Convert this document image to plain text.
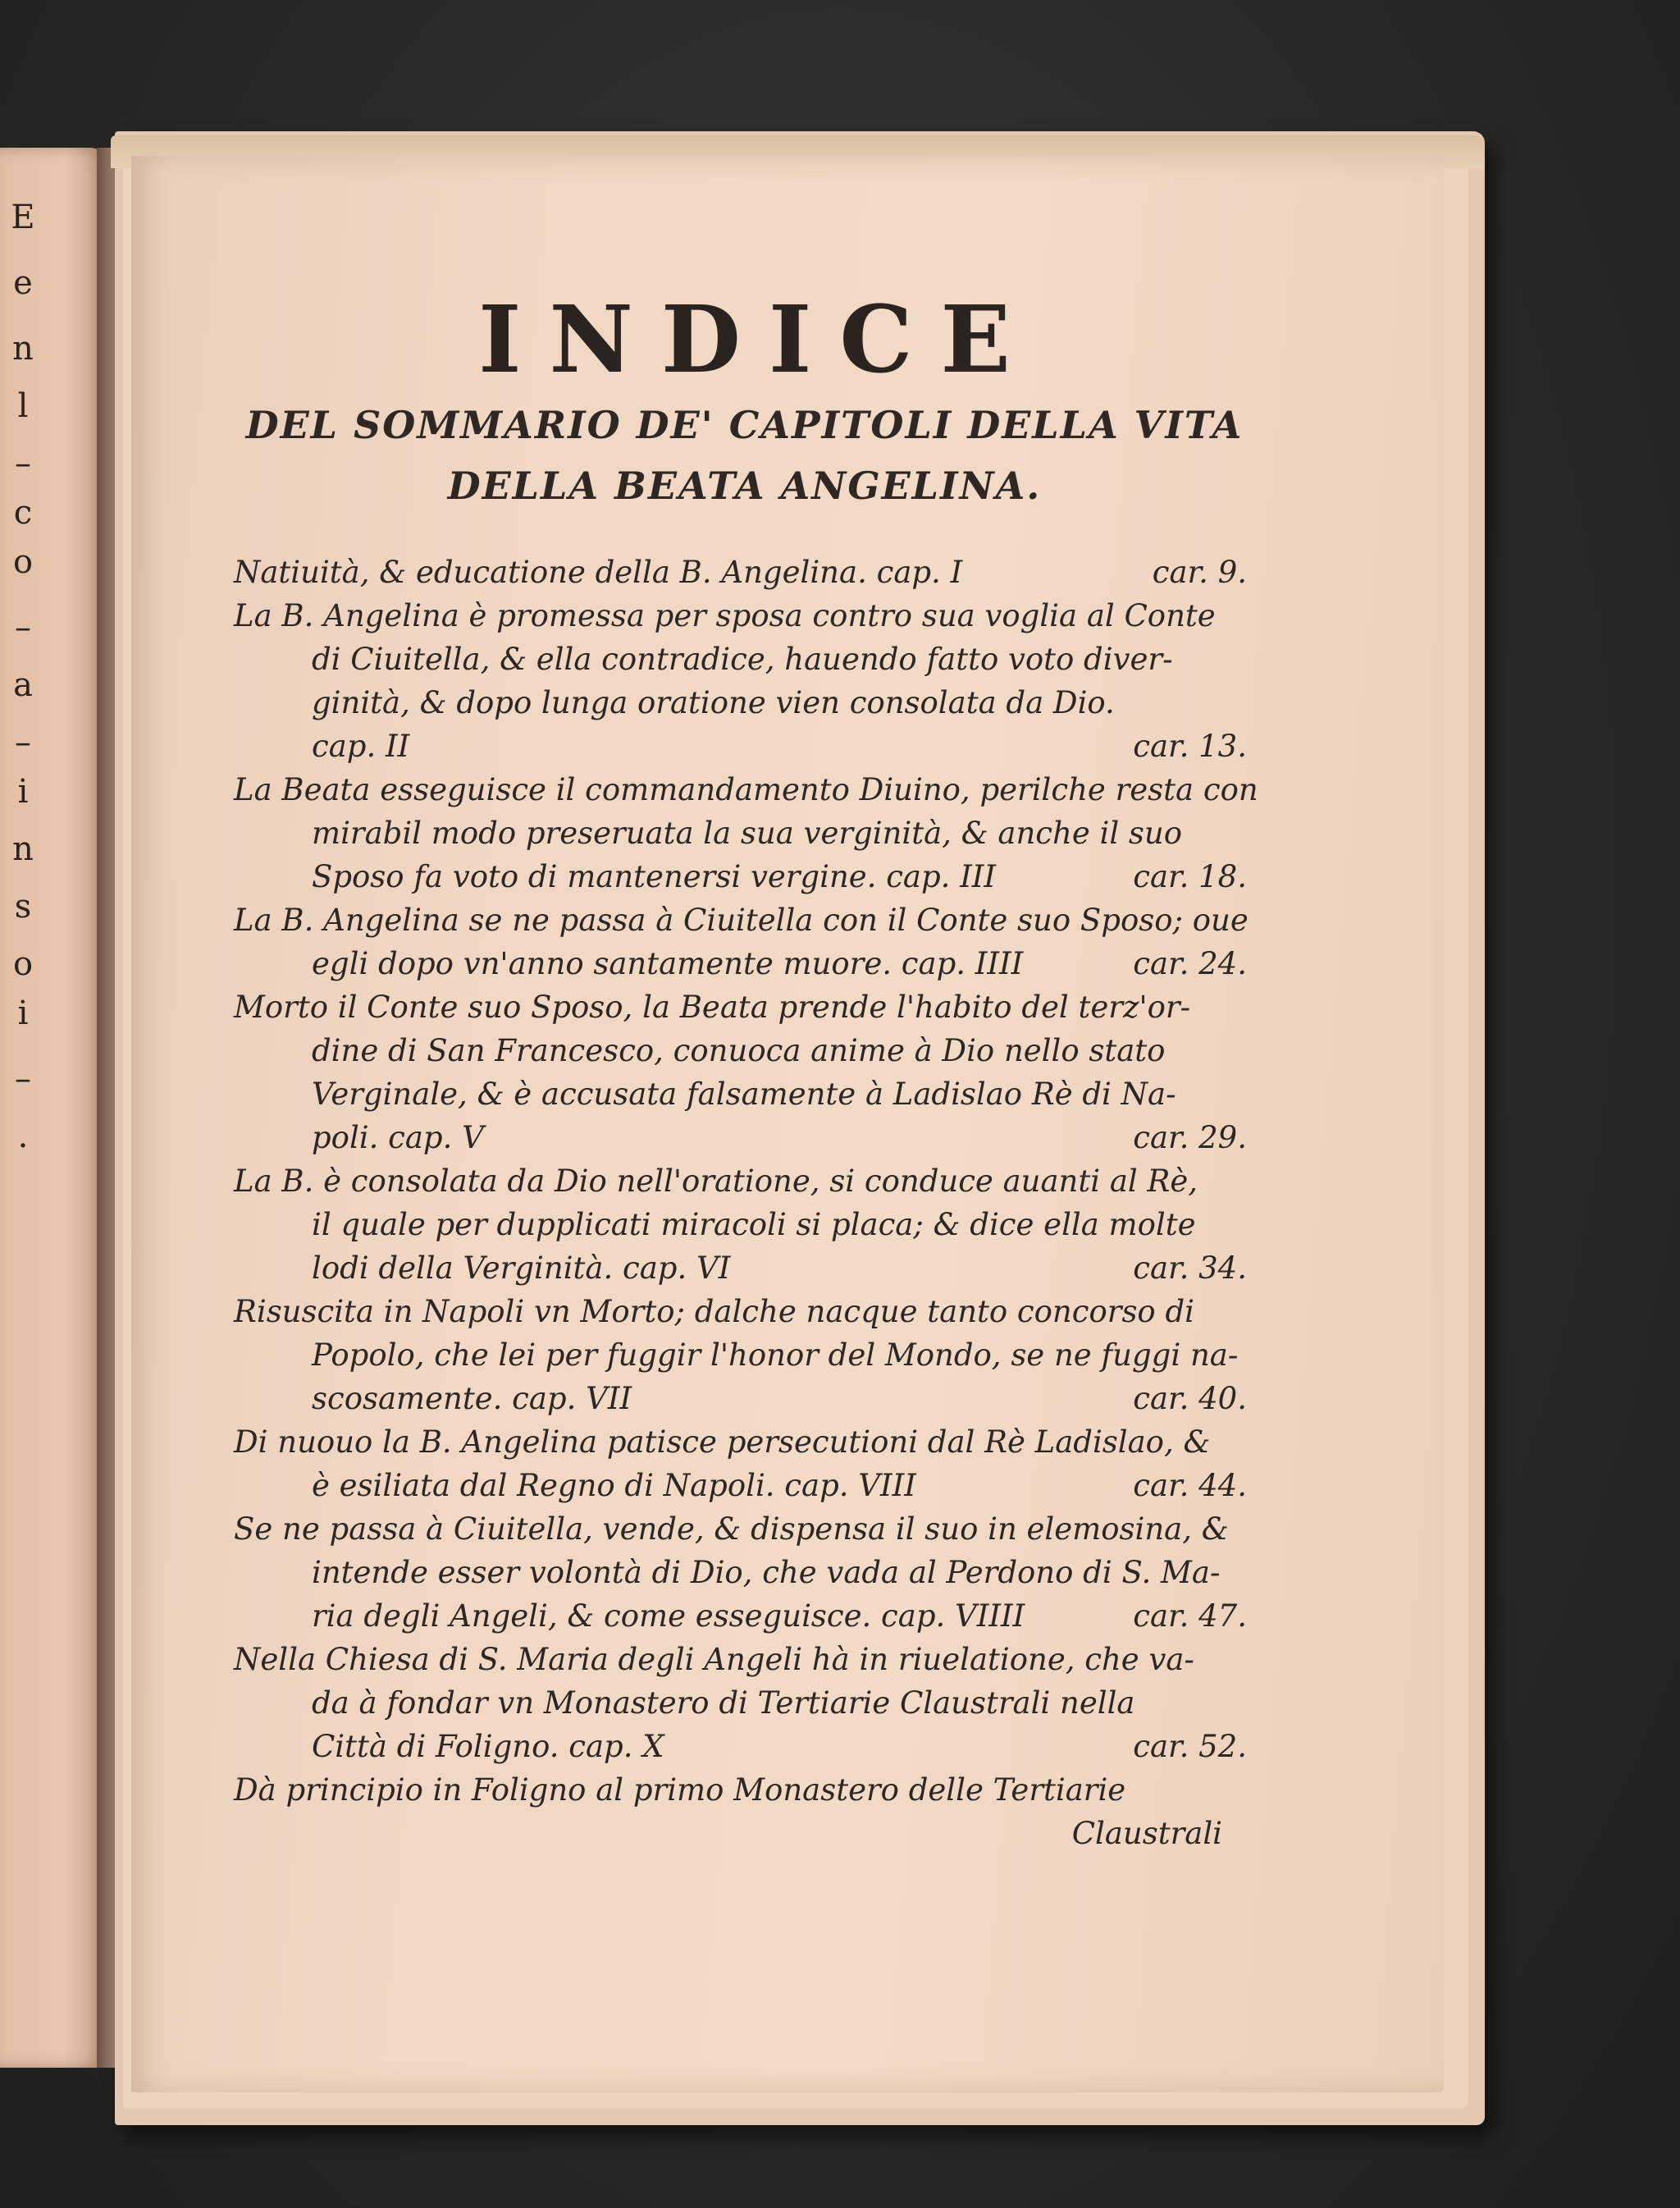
E
e
n
l
–
c
o
–
a
–
i
n
s
o
i
–
.
INDICE
DEL SOMMARIO DE' CAPITOLI DELLA VITA
DELLA BEATA ANGELINA.
Natiuità, & educatione della B. Angelina. cap. I	car. 9.
La B. Angelina è promessa per sposa contro sua voglia al Conte
di Ciuitella, & ella contradice, hauendo fatto voto diver-
ginità, & dopo lunga oratione vien consolata da Dio.
cap. II	car. 13.
La Beata esseguisce il commandamento Diuino, perilche resta con
mirabil modo preseruata la sua verginità, & anche il suo
Sposo fa voto di mantenersi vergine. cap. III	car. 18.
La B. Angelina se ne passa à Ciuitella con il Conte suo Sposo; oue
egli dopo vn'anno santamente muore. cap. IIII	car. 24.
Morto il Conte suo Sposo, la Beata prende l'habito del terz'or-
dine di San Francesco, conuoca anime à Dio nello stato
Verginale, & è accusata falsamente à Ladislao Rè di Na-
poli. cap. V	car. 29.
La B. è consolata da Dio nell'oratione, si conduce auanti al Rè,
il quale per dupplicati miracoli si placa; & dice ella molte
lodi della Verginità. cap. VI	car. 34.
Risuscita in Napoli vn Morto; dalche nacque tanto concorso di
Popolo, che lei per fuggir l'honor del Mondo, se ne fuggi na-
scosamente. cap. VII	car. 40.
Di nuouo la B. Angelina patisce persecutioni dal Rè Ladislao, &
è esiliata dal Regno di Napoli. cap. VIII	car. 44.
Se ne passa à Ciuitella, vende, & dispensa il suo in elemosina, &
intende esser volontà di Dio, che vada al Perdono di S. Ma-
ria degli Angeli, & come esseguisce. cap. VIIII	car. 47.
Nella Chiesa di S. Maria degli Angeli hà in riuelatione, che va-
da à fondar vn Monastero di Tertiarie Claustrali nella
Città di Foligno. cap. X	car. 52.
Dà principio in Foligno al primo Monastero delle Tertiarie
Claustrali
